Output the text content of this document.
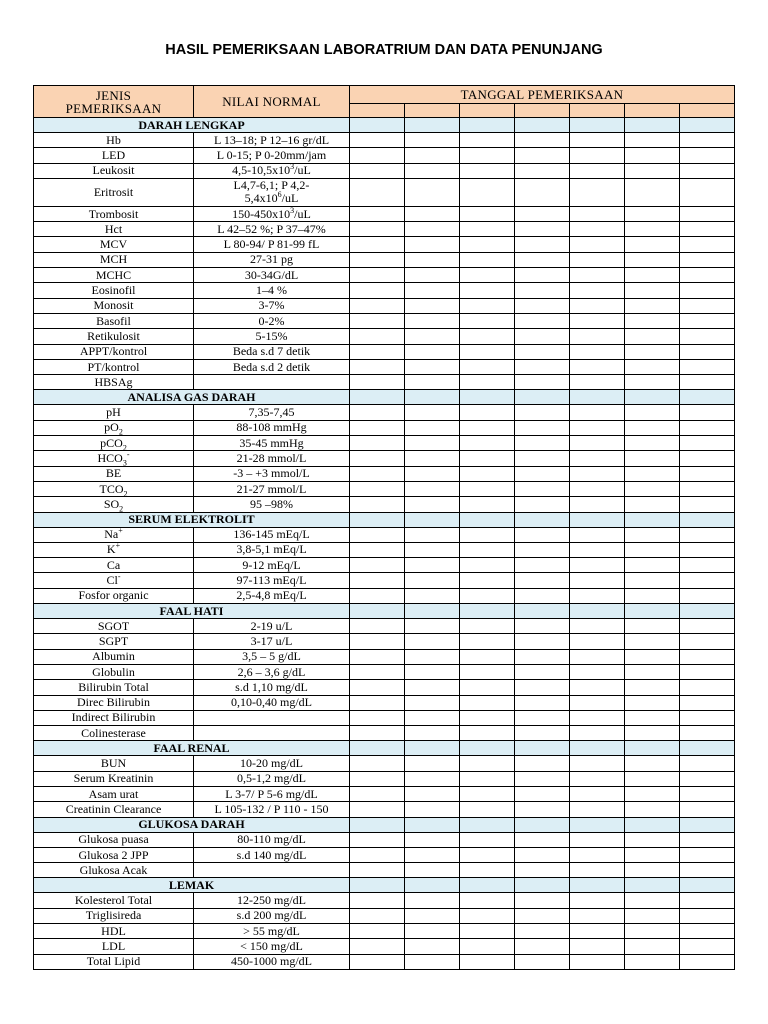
HASIL PEMERIKSAAN LABORATRIUM DAN DATA PENUNJANG
JENIS
PEMERIKSAAN	NILAI NORMAL	TANGGAL PEMERIKSAAN						

DARAH LENGKAP								
Hb	L 13–18; P 12–16 gr/dL							
LED	L 0-15; P 0-20mm/jam							
Leukosit	$4,5-10,5x10^3/uL$							
Eritrosit	L4,7-6,1; P 4,2-
$5,4x10^6/uL$							
Trombosit	$150-450x10^3/uL$							
Hct	L 42–52 %; P 37–47%							
MCV	L 80-94/ P 81-99 fL							
MCH	27-31 pg							
MCHC	30-34G/dL							
Eosinofil	1–4 %							
Monosit	3-7%							
Basofil	0-2%							
Retikulosit	5-15%							
APPT/kontrol	Beda s.d 7 detik							
PT/kontrol	Beda s.d 2 detik							
HBSAg								
ANALISA GAS DARAH								
pH	7,35-7,45							
$pO_2$	88-108 mmHg							
pCO$_2$	35-45 mmHg							
$HCO_3^-$	21-28 mmol/L							
BE	-3 – +3 mmol/L							
$TCO_2$	21-27 mmol/L							
$SO_2$	95 –98%							
SERUM ELEKTROLIT								
Na+	136-145 mEq/L							
K+	3,8-5,1 mEq/L							
Ca	9-12 mEq/L							
Cl-	97-113 mEq/L							
Fosfor organic	2,5-4,8 mEq/L							
FAAL HATI								
SGOT	2-19 u/L							
SGPT	3-17 u/L							
Albumin	3,5 – 5 g/dL							
Globulin	2,6 – 3,6 g/dL							
Bilirubin Total	s.d 1,10 mg/dL							
Direc Bilirubin	0,10-0,40 mg/dL							
Indirect Bilirubin								
Colinesterase								
FAAL RENAL								
BUN	10-20 mg/dL							
Serum Kreatinin	0,5-1,2 mg/dL							
Asam urat	L 3-7/ P 5-6 mg/dL							
Creatinin Clearance	L 105-132 / P 110 - 150							
GLUKOSA DARAH								
Glukosa puasa	80-110 mg/dL							
Glukosa 2 JPP	s.d 140 mg/dL							
Glukosa Acak								
LEMAK								
Kolesterol Total	12-250 mg/dL							
Triglisireda	s.d 200 mg/dL							
HDL	> 55 mg/dL							
LDL	< 150 mg/dL							
Total Lipid	450-1000 mg/dL							
